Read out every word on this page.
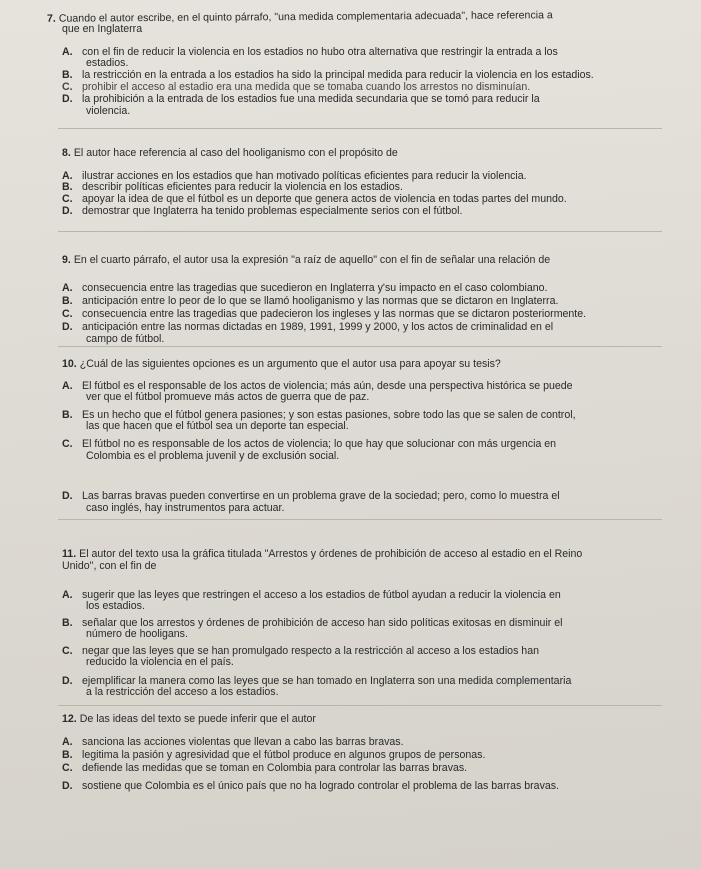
7. Cuando el autor escribe, en el quinto párrafo, "una medida complementaria adecuada", hace referencia a
que en Inglaterra
A. con el fin de reducir la violencia en los estadios no hubo otra alternativa que restringir la entrada a los
estadios.
B. la restricción en la entrada a los estadios ha sido la principal medida para reducir la violencia en los estadios.
C. prohibir el acceso al estadio era una medida que se tomaba cuando los arrestos no disminuían.
D. la prohibición a la entrada de los estadios fue una medida secundaria que se tomó para reducir la
violencia.
8. El autor hace referencia al caso del hooliganismo con el propósito de
A. ilustrar acciones en los estadios que han motivado políticas eficientes para reducir la violencia.
B. describir políticas eficientes para reducir la violencia en los estadios.
C. apoyar la idea de que el fútbol es un deporte que genera actos de violencia en todas partes del mundo.
D. demostrar que Inglaterra ha tenido problemas especialmente serios con el fútbol.
9. En el cuarto párrafo, el autor usa la expresión "a raíz de aquello" con el fin de señalar una relación de
A. consecuencia entre las tragedias que sucedieron en Inglaterra y'su impacto en el caso colombiano.
B. anticipación entre lo peor de lo que se llamó hooliganismo y las normas que se dictaron en Inglaterra.
C. consecuencia entre las tragedias que padecieron los ingleses y las normas que se dictaron posteriormente.
D. anticipación entre las normas dictadas en 1989, 1991, 1999 y 2000, y los actos de criminalidad en el
campo de fútbol.
10. ¿Cuál de las siguientes opciones es un argumento que el autor usa para apoyar su tesis?
A. El fútbol es el responsable de los actos de violencia; más aún, desde una perspectiva histórica se puede
ver que el fútbol promueve más actos de guerra que de paz.
B. Es un hecho que el fútbol genera pasiones; y son estas pasiones, sobre todo las que se salen de control,
las que hacen que el fútbol sea un deporte tan especial.
C. El fútbol no es responsable de los actos de violencia; lo que hay que solucionar con más urgencia en
Colombia es el problema juvenil y de exclusión social.
D. Las barras bravas pueden convertirse en un problema grave de la sociedad; pero, como lo muestra el
caso inglés, hay instrumentos para actuar.
11. El autor del texto usa la gráfica titulada "Arrestos y órdenes de prohibición de acceso al estadio en el Reino
Unido", con el fin de
A. sugerir que las leyes que restringen el acceso a los estadios de fútbol ayudan a reducir la violencia en
los estadios.
B. señalar que los arrestos y órdenes de prohibición de acceso han sido políticas exitosas en disminuir el
número de hooligans.
C. negar que las leyes que se han promulgado respecto a la restricción al acceso a los estadios han
reducido la violencia en el país.
D. ejemplificar la manera como las leyes que se han tomado en Inglaterra son una medida complementaria
a la restricción del acceso a los estadios.
12. De las ideas del texto se puede inferir que el autor
A. sanciona las acciones violentas que llevan a cabo las barras bravas.
B. legitima la pasión y agresividad que el fútbol produce en algunos grupos de personas.
C. defiende las medidas que se toman en Colombia para controlar las barras bravas.
D. sostiene que Colombia es el único país que no ha logrado controlar el problema de las barras bravas.
